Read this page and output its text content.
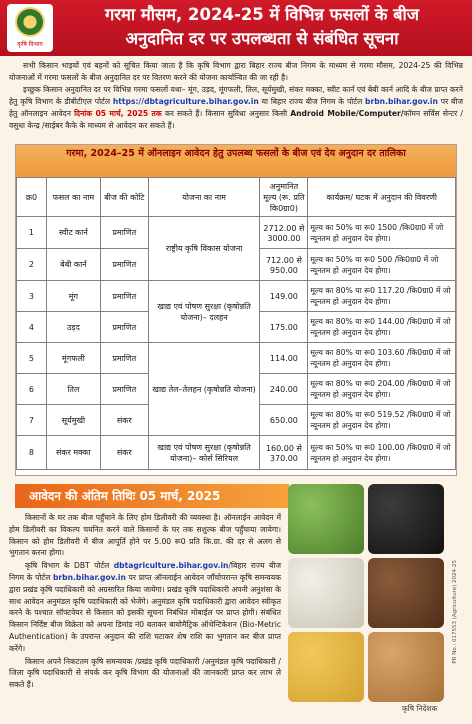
कृषि विभाग
गरमा मौसम, 2024-25 में विभिन्न फसलों के बीज
अनुदानित दर पर उपलब्धता से संबंधित सूचना

सभी किसान भाइयों एवं बहनों को सूचित किया जाता है कि कृषि विभाग द्वारा बिहार राज्य बीज निगम के माध्यम से गरमा मौसम, 2024-25 की विभिन्न योजनाओं में गरमा फसलों के बीज अनुदानित दर पर वितरण करने की योजना कार्यान्वित की जा रही है।

इच्छुक किसान अनुदानित दर पर विभिन्न गरमा फसलों यथा– मूंग, उड़द, मूंगफली, तिल, सूर्यमुखी, संकर मक्का, स्वीट कार्न एवं बेबी कार्न आदि के बीज प्राप्त करने हेतु कृषि विभाग के डीबीटीएल पोर्टल https://dbtagriculture.bihar.gov.in या बिहार राज्य बीज निगम के पोर्टल brbn.bihar.gov.in पर बीज हेतु ऑनलाइन आवेदन दिनांक 05 मार्च, 2025 तक कर सकते हैं। किसान सुविधा अनुसार किसी Android Mobile/Computer/कॉमन सर्विस सेन्टर /वसुधा केन्द्र /साईबर कैफे के माध्यम से आवेदन कर सकते हैं।

गरमा, 2024–25 में ऑनलाइन आवेदन हेतु उपलब्ध फसलों के बीज एवं देय अनुदान दर तालिका
क्र0	फसल का नाम	बीज की कोटि	योजना का नाम	अनुमानित मूल्य (रू. प्रति कि0ग्रा0)	कार्यक्रम/ घटक में अनुदान की विवरणी
1	स्वीट कार्न	प्रमाणित	राष्ट्रीय कृषि विकास योजना	2712.00 से 3000.00	मूल्य का 50% या रू0 1500 /कि0ग्रा0 में जो न्यूनतम हो अनुदान देय होगा।
2	बेबी कार्न	प्रमाणित		712.00 से 950.00	मूल्य का 50% या रू0 500 /कि0ग्रा0 में जो न्यूनतम हो अनुदान देय होगा।
3	मूंग	प्रमाणित	खाद्य एवं पोषण सुरक्षा (कृषोन्नति योजना)– दलहन	149.00	मूल्य का 80% या रू0 117.20 /कि0ग्रा0 में जो न्यूनतम हो अनुदान देय होगा।
4	उड़द	प्रमाणित		175.00	मूल्य का 80% या रू0 144.00 /कि0ग्रा0 में जो न्यूनतम हो अनुदान देय होगा।
5	मूंगफली	प्रमाणित	खाद्य तेल–तेलहन (कृषोन्नति योजना)	114.00	मूल्य का 80% या रू0 103.60 /कि0ग्रा0 में जो न्यूनतम हो अनुदान देय होगा।
6	तिल	प्रमाणित		240.00	मूल्य का 80% या रू0 204.00 /कि0ग्रा0 में जो न्यूनतम हो अनुदान देय होगा।
7	सूर्यमुखी	संकर		650.00	मूल्य का 80% या रू0 519.52 /कि0ग्रा0 में जो न्यूनतम हो अनुदान देय होगा।
8	संकर मक्का	संकर	खाद्य एवं पोषण सुरक्षा (कृषोन्नति योजना)– कोर्स सिरियल	160.00 से 370.00	मूल्य का 50% या रू0 100.00 /कि0ग्रा0 में जो न्यूनतम हो अनुदान देय होगा।
आवेदन की अंतिम तिथिः 05 मार्च, 2025

किसानों के घर तक बीज पहुँचाने के लिए होम डिलीवरी की व्यवस्था है। ऑनलाईन आवेदन में होम डिलीवरी का विकल्प चयनित करने वाले किसानों के घर तक सशुल्क बीज पहुँचाया जायेगा। किसान को होम डिलीवरी में बीज आपूर्ति होने पर 5.00 रू0 प्रति कि.ग्रा. की दर से अलग से भुगतान करना होगा।

कृषि विभाग के DBT पोर्टल dbtagriculture.bihar.gov.in/बिहार राज्य बीज निगम के पोर्टल brbn.bihar.gov.in पर प्राप्त ऑनलाईन आवेदन जाँचोपरान्त कृषि समन्वयक द्वारा प्रखंड कृषि पदाधिकारी को अग्रसारित किया जायेगा। प्रखंड कृषि पदाधिकारी अपनी अनुशंसा के साथ आवेदन अनुमंडल कृषि पदाधिकारी को भेजेंगे। अनुमंडल कृषि पदाधिकारी द्वारा आवेदन स्वीकृत करने के पश्चात सॉफ्टवेयर से किसान को इसकी सूचना निबंधित मोबाईल पर प्राप्त होगी। संबंधित किसान निर्दिष्ट बीज विक्रेता को अपना डिमांड नं0 बताकर बायोमैट्रिक ऑथेन्टिकेशन (Bio-Metric Authentication) के उपरान्त अनुदान की राशि घटाकर शेष राशि का भुगतान कर बीज प्राप्त करेंगे।

किसान अपने निकटतम कृषि समन्वयक /प्रखंड कृषि पदाधिकारी /अनुमंडल कृषि पदाधिकारी /जिला कृषि पदाधिकारी से संपर्क कर कृषि विभाग की योजनाओं की जानकारी प्राप्त कर लाभ ले सकते हैं।

PR No.: 017553 (Agriculture) 2024-25
कृषि निदेशक
